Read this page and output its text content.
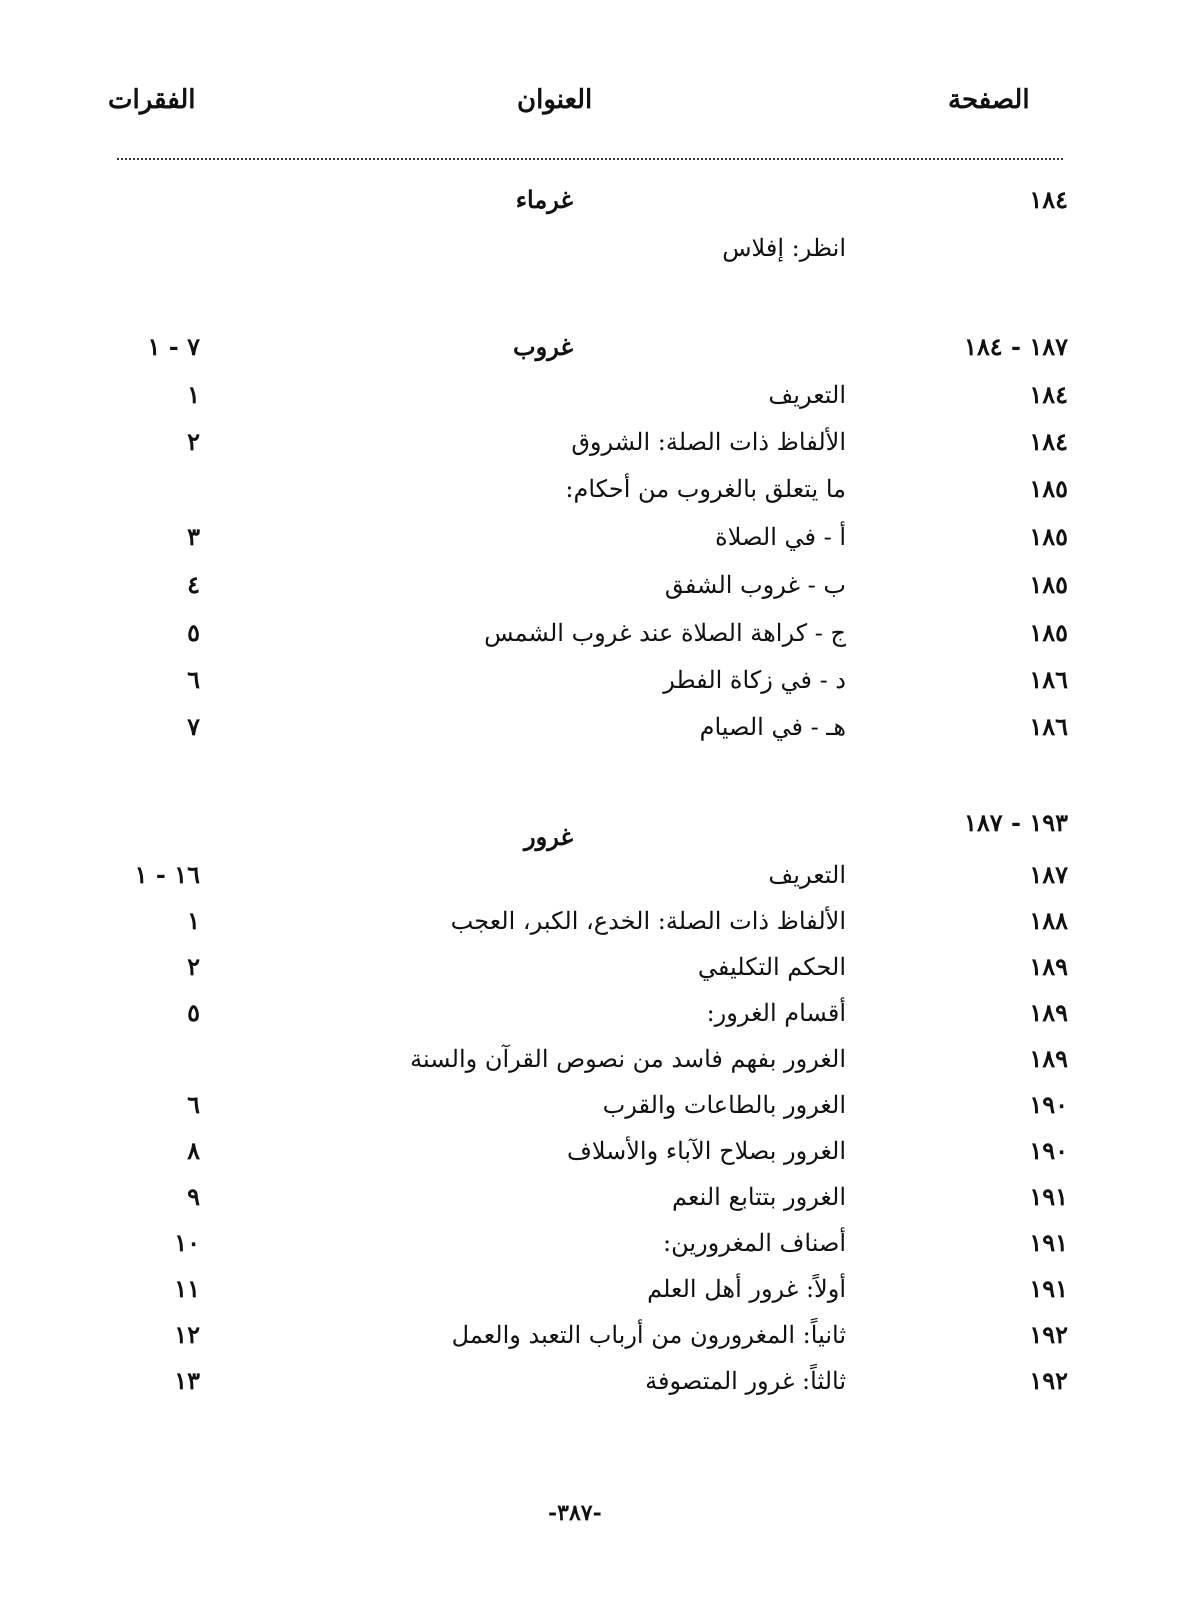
الصفحة
العنوان
الفقرات
١٨٤
غرماء
انظر: إفلاس
١٨٧ - ١٨٤
غروب
٧ - ١
١٨٤
التعريف
١
١٨٤
الألفاظ ذات الصلة: الشروق
٢
١٨٥
ما يتعلق بالغروب من أحكام:
١٨٥
أ - في الصلاة
٣
١٨٥
ب - غروب الشفق
٤
١٨٥
ج - كراهة الصلاة عند غروب الشمس
٥
١٨٦
د - في زكاة الفطر
٦
١٨٦
هـ - في الصيام
٧
١٩٣ - ١٨٧
غرور
١٨٧
التعريف
١٦ - ١
١٨٨
الألفاظ ذات الصلة: الخدع، الكبر، العجب
١
١٨٩
الحكم التكليفي
٢
١٨٩
أقسام الغرور:
٥
١٨٩
الغرور بفهم فاسد من نصوص القرآن والسنة
١٩٠
الغرور بالطاعات والقرب
٦
١٩٠
الغرور بصلاح الآباء والأسلاف
٨
١٩١
الغرور بتتابع النعم
٩
١٩١
أصناف المغرورين:
١٠
١٩١
أولاً: غرور أهل العلم
١١
١٩٢
ثانياً: المغرورون من أرباب التعبد والعمل
١٢
١٩٢
ثالثاً: غرور المتصوفة
١٣
-٣٨٧-
